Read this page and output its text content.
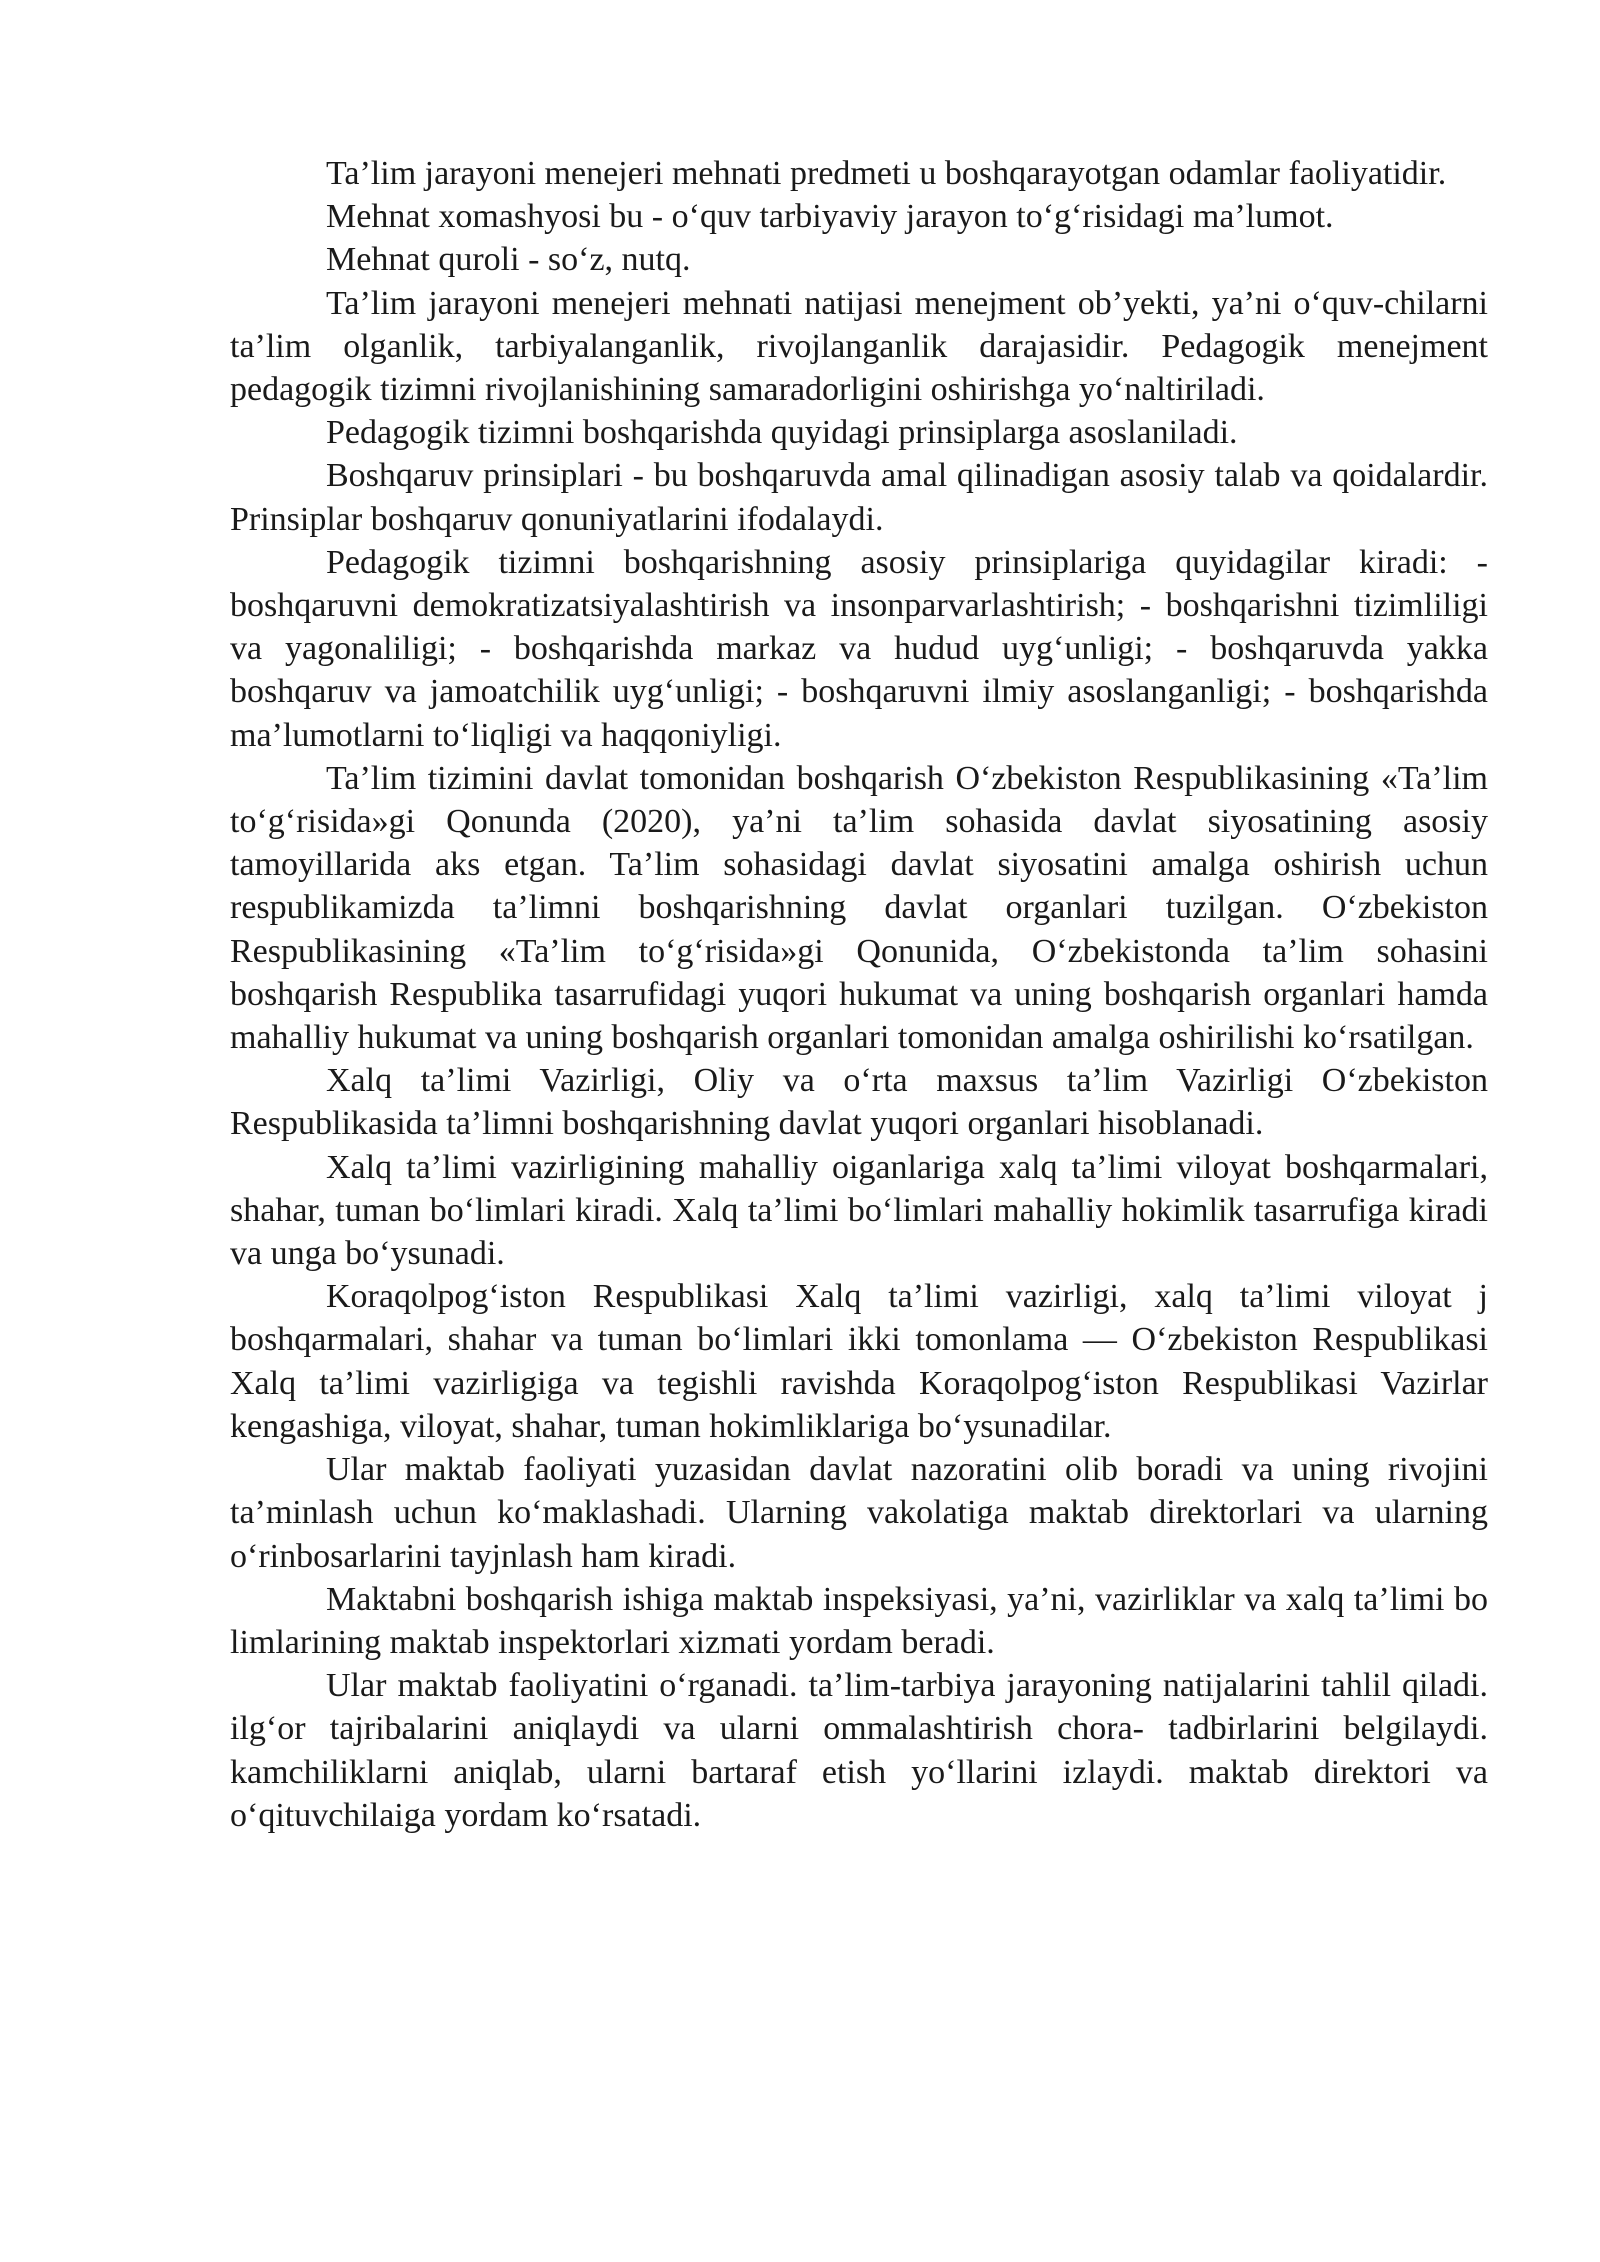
Ta’lim jarayoni menejeri mehnati predmeti u boshqarayotgan odamlar faoliyatidir.

Mehnat xomashyosi bu - o‘quv tarbiyaviy jarayon to‘g‘risidagi ma’lumot.

Mehnat quroli - so‘z, nutq.

Ta’lim jarayoni menejeri mehnati natijasi menejment ob’yekti, ya’ni o‘quv-chilarni ta’lim olganlik, tarbiyalanganlik, rivojlanganlik darajasidir. Pedagogik menejment pedagogik tizimni rivojlanishining samaradorligini oshirishga yo‘naltiriladi.

Pedagogik tizimni boshqarishda quyidagi prinsiplarga asoslaniladi.

Boshqaruv prinsiplari - bu boshqaruvda amal qilinadigan asosiy talab va qoidalardir. Prinsiplar boshqaruv qonuniyatlarini ifodalaydi.

Pedagogik tizimni boshqarishning asosiy prinsiplariga quyidagilar kiradi: - boshqaruvni demokratizatsiyalashtirish va insonparvarlashtirish; - boshqarishni tizimliligi va yagonaliligi; - boshqarishda markaz va hudud uyg‘unligi; - boshqaruvda yakka boshqaruv va jamoatchilik uyg‘unligi; - boshqaruvni ilmiy asoslanganligi; - boshqarishda ma’lumotlarni to‘liqligi va haqqoniyligi.

Ta’lim tizimini davlat tomonidan boshqarish O‘zbekiston Respublikasining «Ta’lim to‘g‘risida»gi Qonunda (2020), ya’ni ta’lim sohasida davlat siyosatining asosiy tamoyillarida aks etgan. Ta’lim sohasidagi davlat siyosatini amalga oshirish uchun respublikamizda ta’limni boshqarishning davlat organlari tuzilgan. O‘zbekiston Respublikasining «Ta’lim to‘g‘risida»gi Qonunida, O‘zbekistonda ta’lim sohasini boshqarish Respublika tasarrufidagi yuqori hukumat va uning boshqarish organlari hamda mahalliy hukumat va uning boshqarish organlari tomonidan amalga oshirilishi ko‘rsatilgan.

Xalq ta’limi Vazirligi, Oliy va o‘rta maxsus ta’lim Vazirligi O‘zbekiston Respublikasida ta’limni boshqarishning davlat yuqori organlari hisoblanadi.

Xalq ta’limi vazirligining mahalliy oiganlariga xalq ta’limi viloyat boshqarmalari, shahar, tuman bo‘limlari kiradi. Xalq ta’limi bo‘limlari mahalliy hokimlik tasarrufiga kiradi va unga bo‘ysunadi.

Koraqolpog‘iston Respublikasi Xalq ta’limi vazirligi, xalq ta’limi viloyat j boshqarmalari, shahar va tuman bo‘limlari ikki tomonlama — O‘zbekiston Respublikasi Xalq ta’limi vazirligiga va tegishli ravishda Koraqolpog‘iston Respublikasi Vazirlar kengashiga, viloyat, shahar, tuman hokimliklariga bo‘ysunadilar.

Ular maktab faoliyati yuzasidan davlat nazoratini olib boradi va uning rivojini ta’minlash uchun ko‘maklashadi. Ularning vakolatiga maktab direktorlari va ularning o‘rinbosarlarini tayjnlash ham kiradi.

Maktabni boshqarish ishiga maktab inspeksiyasi, ya’ni, vazirliklar va xalq ta’limi bo limlarining maktab inspektorlari xizmati yordam beradi.

Ular maktab faoliyatini o‘rganadi. ta’lim-tarbiya jarayoning natijalarini tahlil qiladi. ilg‘or tajribalarini aniqlaydi va ularni ommalashtirish chora- tadbirlarini belgilaydi. kamchiliklarni aniqlab, ularni bartaraf etish yo‘llarini izlaydi. maktab direktori va o‘qituvchilaiga yordam ko‘rsatadi.
